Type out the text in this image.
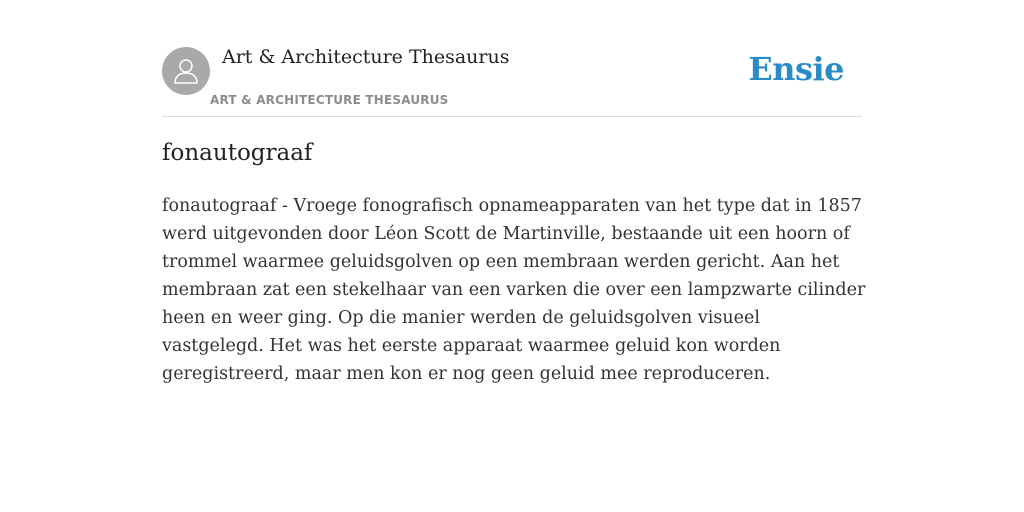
Art & Architecture Thesaurus
ART & ARCHITECTURE THESAURUS
Ensie
fonautograaf

fonautograaf - Vroege fonografisch opnameapparaten van het type dat in 1857 werd uitgevonden door Léon Scott de Martinville, bestaande uit een hoorn of trommel waarmee geluidsgolven op een membraan werden gericht. Aan het membraan zat een stekelhaar van een varken die over een lampzwarte cilinder heen en weer ging. Op die manier werden de geluidsgolven visueel vastgelegd. Het was het eerste apparaat waarmee geluid kon worden geregistreerd, maar men kon er nog geen geluid mee reproduceren.
